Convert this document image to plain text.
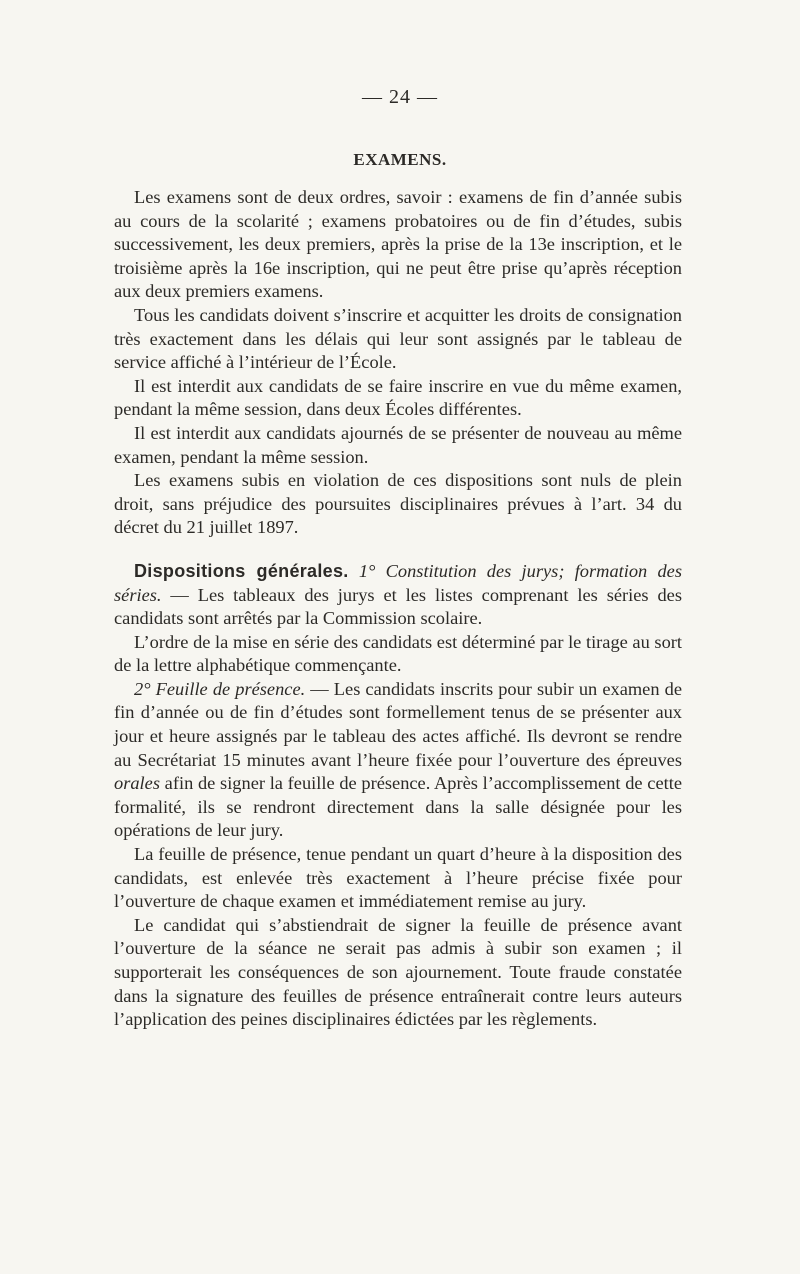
— 24 —
EXAMENS.

Les examens sont de deux ordres, savoir : examens de fin d’année subis au cours de la scolarité ; examens probatoires ou de fin d’études, subis successivement, les deux premiers, après la prise de la 13e inscription, et le troisième après la 16e inscription, qui ne peut être prise qu’après réception aux deux premiers examens.

Tous les candidats doivent s’inscrire et acquitter les droits de consignation très exactement dans les délais qui leur sont assignés par le tableau de service affiché à l’intérieur de l’École.

Il est interdit aux candidats de se faire inscrire en vue du même examen, pendant la même session, dans deux Écoles différentes.

Il est interdit aux candidats ajournés de se présenter de nouveau au même examen, pendant la même session.

Les examens subis en violation de ces dispositions sont nuls de plein droit, sans préjudice des poursuites disciplinaires prévues à l’art. 34 du décret du 21 juillet 1897.

Dispositions générales. 1° Constitution des jurys; formation des séries. — Les tableaux des jurys et les listes comprenant les séries des candidats sont arrêtés par la Commission scolaire.

L’ordre de la mise en série des candidats est déterminé par le tirage au sort de la lettre alphabétique commençante.

2° Feuille de présence. — Les candidats inscrits pour subir un examen de fin d’année ou de fin d’études sont formellement tenus de se présenter aux jour et heure assignés par le tableau des actes affiché. Ils devront se rendre au Secrétariat 15 minutes avant l’heure fixée pour l’ouverture des épreuves orales afin de signer la feuille de présence. Après l’accomplissement de cette formalité, ils se rendront directement dans la salle désignée pour les opérations de leur jury.

La feuille de présence, tenue pendant un quart d’heure à la disposition des candidats, est enlevée très exactement à l’heure précise fixée pour l’ouverture de chaque examen et immédiatement remise au jury.

Le candidat qui s’abstiendrait de signer la feuille de présence avant l’ouverture de la séance ne serait pas admis à subir son examen ; il supporterait les conséquences de son ajournement. Toute fraude constatée dans la signature des feuilles de présence entraînerait contre leurs auteurs l’application des peines disciplinaires édictées par les règlements.
